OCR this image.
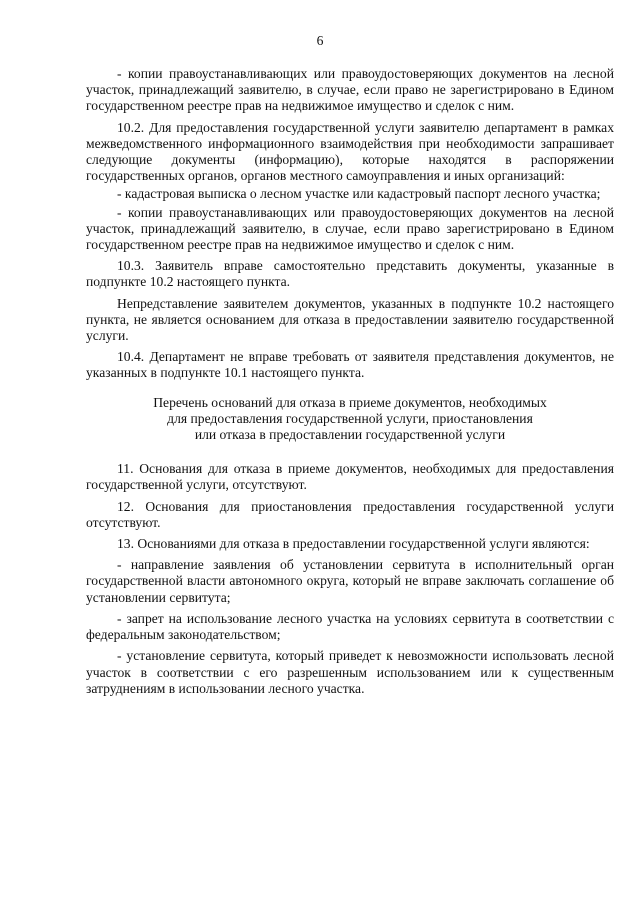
6

- копии правоустанавливающих или правоудостоверяющих документов на лесной участок, принадлежащий заявителю, в случае, если право не зарегистрировано в Едином государственном реестре прав на недвижимое имущество и сделок с ним.

10.2. Для предоставления государственной услуги заявителю департамент в рамках межведомственного информационного взаимодействия при необходимости запрашивает следующие документы (информацию), которые находятся в распоряжении государственных органов, органов местного самоуправления и иных организаций:

- кадастровая выписка о лесном участке или кадастровый паспорт лесного участка;

- копии правоустанавливающих или правоудостоверяющих документов на лесной участок, принадлежащий заявителю, в случае, если право зарегистрировано в Едином государственном реестре прав на недвижимое имущество и сделок с ним.

10.3. Заявитель вправе самостоятельно представить документы, указанные в подпункте 10.2 настоящего пункта.

Непредставление заявителем документов, указанных в подпункте 10.2 настоящего пункта, не является основанием для отказа в предоставлении заявителю государственной услуги.

10.4. Департамент не вправе требовать от заявителя представления документов, не указанных в подпункте 10.1 настоящего пункта.

Перечень оснований для отказа в приеме документов, необходимых
для предоставления государственной услуги, приостановления
или отказа в предоставлении государственной услуги

11. Основания для отказа в приеме документов, необходимых для предоставления государственной услуги, отсутствуют.

12. Основания для приостановления предоставления государственной услуги отсутствуют.

13. Основаниями для отказа в предоставлении государственной услуги являются:

- направление заявления об установлении сервитута в исполнительный орган государственной власти автономного округа, который не вправе заключать соглашение об установлении сервитута;

- запрет на использование лесного участка на условиях сервитута в соответствии с федеральным законодательством;

- установление сервитута, который приведет к невозможности использовать лесной участок в соответствии с его разрешенным использованием или к существенным затруднениям в использовании лесного участка.
